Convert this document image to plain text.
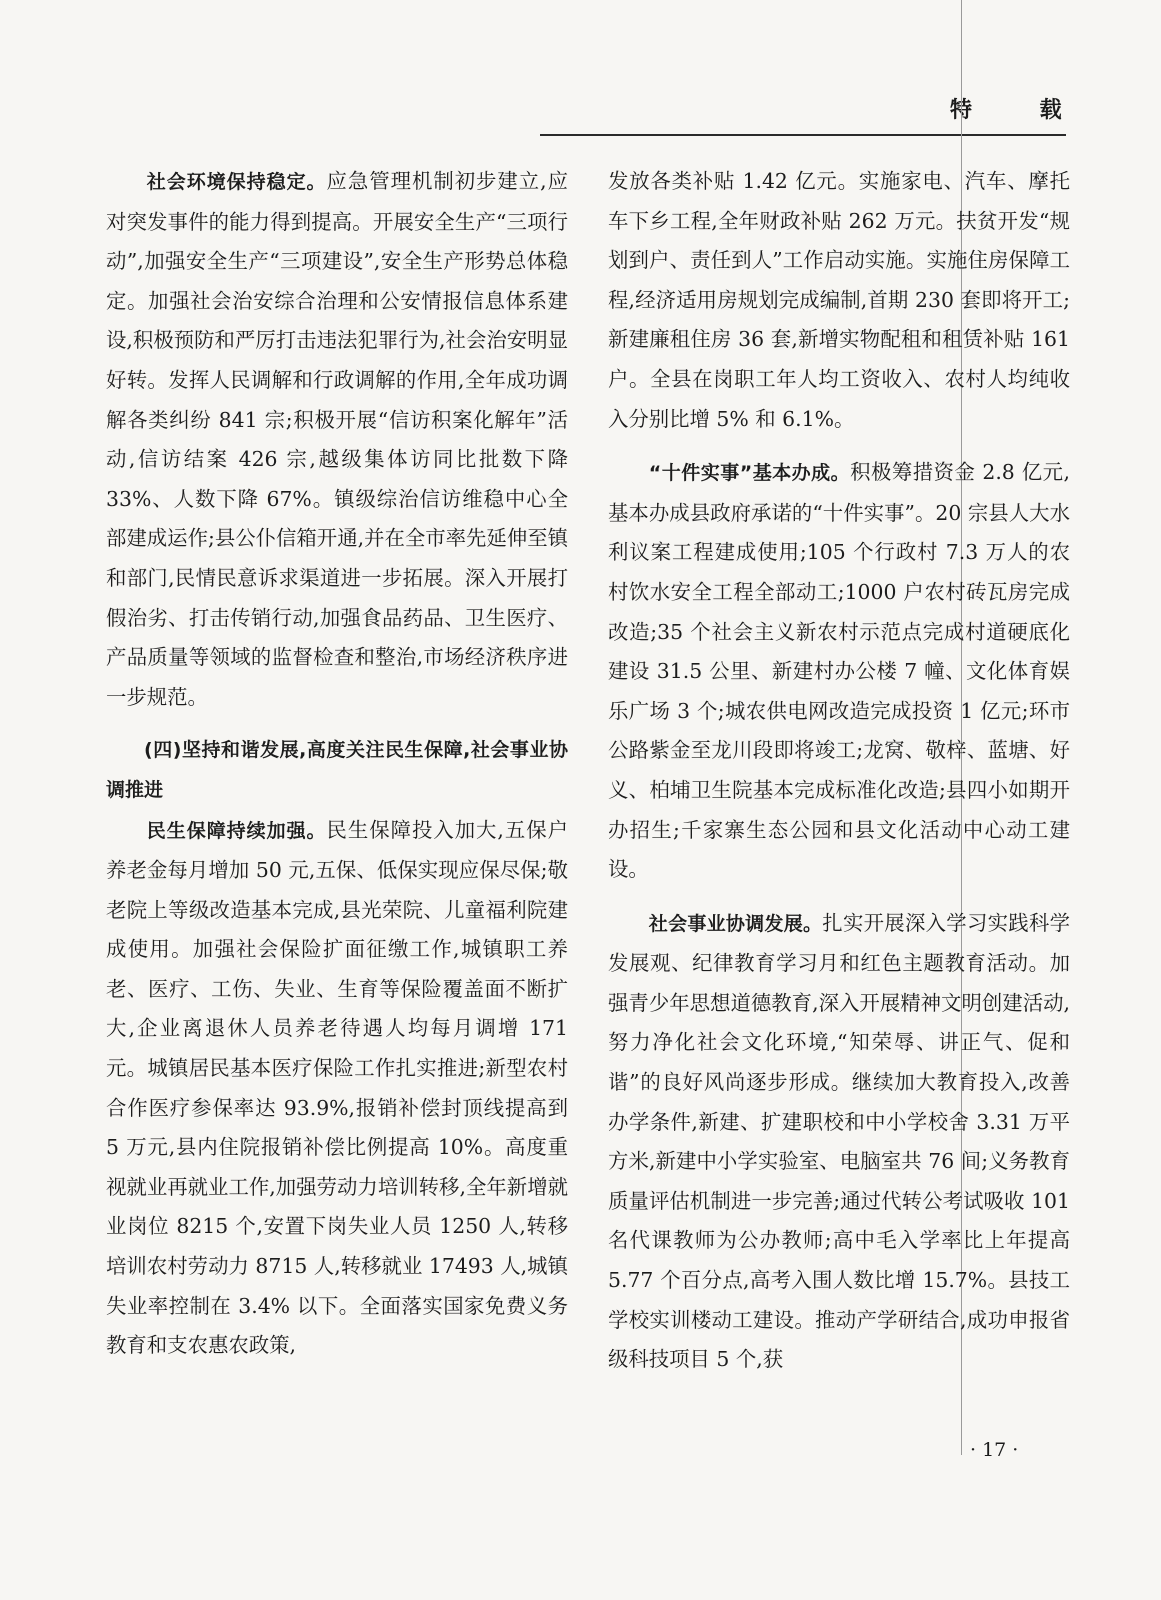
特 载

社会环境保持稳定。应急管理机制初步建立,应对突发事件的能力得到提高。开展安全生产“三项行动”,加强安全生产“三项建设”,安全生产形势总体稳定。加强社会治安综合治理和公安情报信息体系建设,积极预防和严厉打击违法犯罪行为,社会治安明显好转。发挥人民调解和行政调解的作用,全年成功调解各类纠纷 841 宗;积极开展“信访积案化解年”活动,信访结案 426 宗,越级集体访同比批数下降 33%、人数下降 67%。镇级综治信访维稳中心全部建成运作;县公仆信箱开通,并在全市率先延伸至镇和部门,民情民意诉求渠道进一步拓展。深入开展打假治劣、打击传销行动,加强食品药品、卫生医疗、产品质量等领域的监督检查和整治,市场经济秩序进一步规范。

(四)坚持和谐发展,高度关注民生保障,社会事业协调推进

民生保障持续加强。民生保障投入加大,五保户养老金每月增加 50 元,五保、低保实现应保尽保;敬老院上等级改造基本完成,县光荣院、儿童福利院建成使用。加强社会保险扩面征缴工作,城镇职工养老、医疗、工伤、失业、生育等保险覆盖面不断扩大,企业离退休人员养老待遇人均每月调增 171 元。城镇居民基本医疗保险工作扎实推进;新型农村合作医疗参保率达 93.9%,报销补偿封顶线提高到 5 万元,县内住院报销补偿比例提高 10%。高度重视就业再就业工作,加强劳动力培训转移,全年新增就业岗位 8215 个,安置下岗失业人员 1250 人,转移培训农村劳动力 8715 人,转移就业 17493 人,城镇失业率控制在 3.4% 以下。全面落实国家免费义务教育和支农惠农政策,

发放各类补贴 1.42 亿元。实施家电、汽车、摩托车下乡工程,全年财政补贴 262 万元。扶贫开发“规划到户、责任到人”工作启动实施。实施住房保障工程,经济适用房规划完成编制,首期 230 套即将开工;新建廉租住房 36 套,新增实物配租和租赁补贴 161 户。全县在岗职工年人均工资收入、农村人均纯收入分别比增 5% 和 6.1%。

“十件实事”基本办成。积极筹措资金 2.8 亿元,基本办成县政府承诺的“十件实事”。20 宗县人大水利议案工程建成使用;105 个行政村 7.3 万人的农村饮水安全工程全部动工;1000 户农村砖瓦房完成改造;35 个社会主义新农村示范点完成村道硬底化建设 31.5 公里、新建村办公楼 7 幢、文化体育娱乐广场 3 个;城农供电网改造完成投资 1 亿元;环市公路紫金至龙川段即将竣工;龙窝、敬梓、蓝塘、好义、柏埔卫生院基本完成标准化改造;县四小如期开办招生;千家寨生态公园和县文化活动中心动工建设。

社会事业协调发展。扎实开展深入学习实践科学发展观、纪律教育学习月和红色主题教育活动。加强青少年思想道德教育,深入开展精神文明创建活动,努力净化社会文化环境,“知荣辱、讲正气、促和谐”的良好风尚逐步形成。继续加大教育投入,改善办学条件,新建、扩建职校和中小学校舍 3.31 万平方米,新建中小学实验室、电脑室共 76 间;义务教育质量评估机制进一步完善;通过代转公考试吸收 101 名代课教师为公办教师;高中毛入学率比上年提高 5.77 个百分点,高考入围人数比增 15.7%。县技工学校实训楼动工建设。推动产学研结合,成功申报省级科技项目 5 个,获

· 17 ·
